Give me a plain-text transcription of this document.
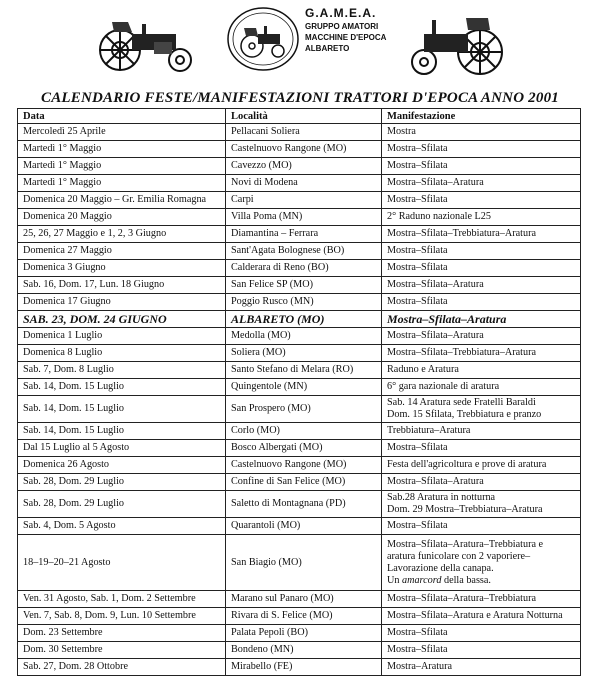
G.A.M.E.A.
GRUPPO AMATORI
MACCHINE D'EPOCA
ALBARETO
CALENDARIO FESTE/MANIFESTAZIONI TRATTORI D'EPOCA ANNO 2001
Data	Località	Manifestazione
Mercoledì 25 Aprile	Pellacani Soliera	Mostra
Martedì 1° Maggio	Castelnuovo Rangone (MO)	Mostra–Sfilata
Martedì 1° Maggio	Cavezzo (MO)	Mostra–Sfilata
Martedì 1° Maggio	Novi di Modena	Mostra–Sfilata–Aratura
Domenica 20 Maggio – Gr. Emilia Romagna	Carpi	Mostra–Sfilata
Domenica 20 Maggio	Villa Poma (MN)	2° Raduno nazionale L25
25, 26, 27 Maggio e 1, 2, 3 Giugno	Diamantina – Ferrara	Mostra–Sfilata–Trebbiatura–Aratura
Domenica 27 Maggio	Sant'Agata Bolognese (BO)	Mostra–Sfilata
Domenica 3 Giugno	Calderara di Reno (BO)	Mostra–Sfilata
Sab. 16, Dom. 17, Lun. 18 Giugno	San Felice SP (MO)	Mostra–Sfilata–Aratura
Domenica 17 Giugno	Poggio Rusco (MN)	Mostra–Sfilata
SAB. 23, DOM. 24 GIUGNO	ALBARETO (MO)	Mostra–Sfilata–Aratura
Domenica 1 Luglio	Medolla (MO)	Mostra–Sfilata–Aratura
Domenica 8 Luglio	Soliera (MO)	Mostra–Sfilata–Trebbiatura–Aratura
Sab. 7, Dom. 8 Luglio	Santo Stefano di Melara (RO)	Raduno e Aratura
Sab. 14, Dom. 15 Luglio	Quingentole (MN)	6° gara nazionale di aratura
Sab. 14, Dom. 15 Luglio	San Prospero (MO)	Sab. 14 Aratura sede Fratelli Baraldi
Dom. 15 Sfilata, Trebbiatura e pranzo

Sab. 14, Dom. 15 Luglio	Corlo (MO)	Trebbiatura–Aratura
Dal 15 Luglio al 5 Agosto	Bosco Albergati (MO)	Mostra–Sfilata
Domenica 26 Agosto	Castelnuovo Rangone (MO)	Festa dell'agricoltura e prove di aratura
Sab. 28, Dom. 29 Luglio	Confine di San Felice (MO)	Mostra–Sfilata–Aratura
Sab. 28, Dom. 29 Luglio	Saletto di Montagnana (PD)	Sab.28 Aratura in notturna
Dom. 29 Mostra–Trebbiatura–Aratura

Sab. 4, Dom. 5 Agosto	Quarantoli (MO)	Mostra–Sfilata
18–19–20–21 Agosto	San Biagio (MO)	Mostra–Sfilata–Aratura–Trebbiatura e
aratura funicolare con 2 vaporiere–
Lavorazione della canapa.
Un amarcord della bassa.

Ven. 31 Agosto, Sab. 1, Dom. 2 Settembre	Marano sul Panaro (MO)	Mostra–Sfilata–Aratura–Trebbiatura
Ven. 7, Sab. 8, Dom. 9, Lun. 10 Settembre	Rivara di S. Felice (MO)	Mostra–Sfilata–Aratura e Aratura Notturna
Dom. 23 Settembre	Palata Pepoli (BO)	Mostra–Sfilata
Dom. 30 Settembre	Bondeno (MN)	Mostra–Sfilata
Sab. 27, Dom. 28 Ottobre	Mirabello (FE)	Mostra–Aratura
